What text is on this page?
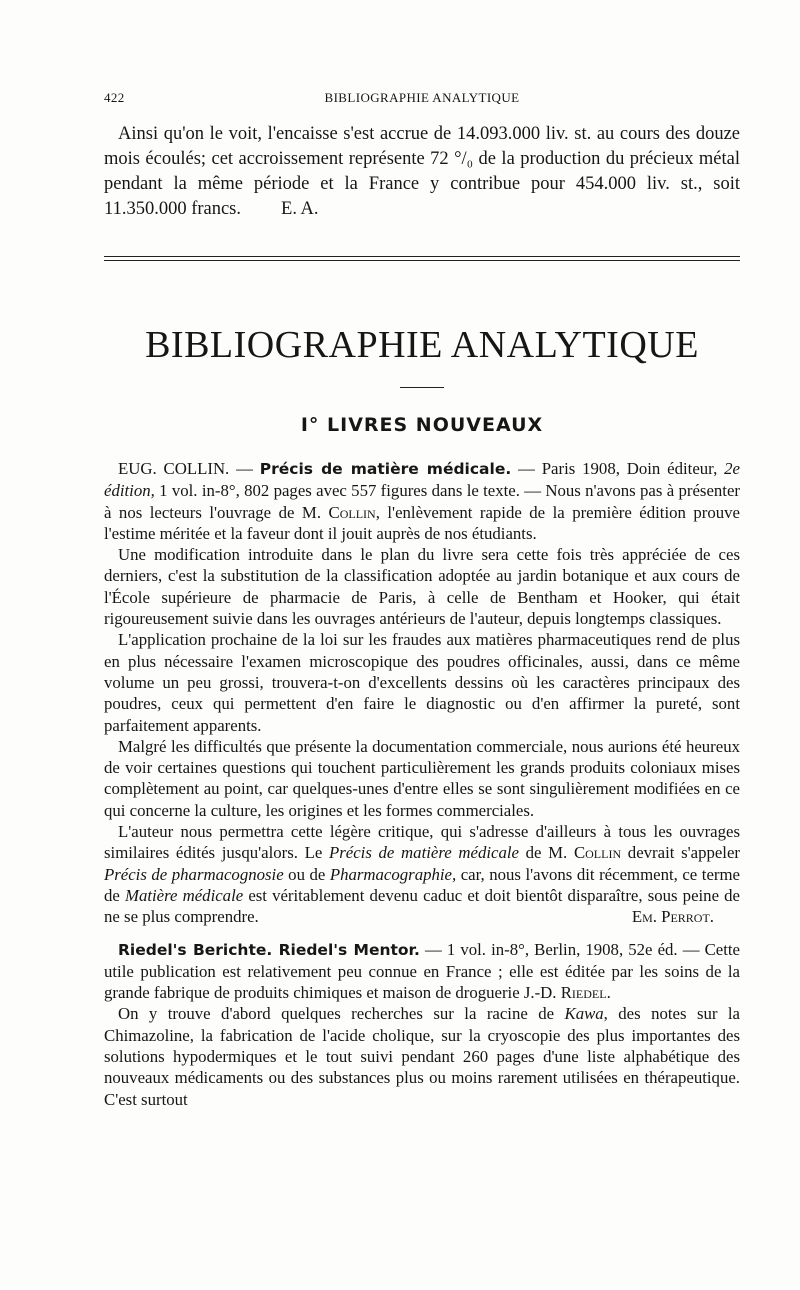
422	BIBLIOGRAPHIE ANALYTIQUE

Ainsi qu'on le voit, l'encaisse s'est accrue de 14.093.000 liv. st. au cours des douze mois écoulés; cet accroissement représente 72 °/₀ de la production du précieux métal pendant la même période et la France y contribue pour 454.000 liv. st., soit 11.350.000 francs. E. A.

BIBLIOGRAPHIE ANALYTIQUE
I° LIVRES NOUVEAUX

EUG. COLLIN. — Précis de matière médicale. — Paris 1908, Doin éditeur, 2e édition, 1 vol. in-8°, 802 pages avec 557 figures dans le texte. — Nous n'avons pas à présenter à nos lecteurs l'ouvrage de M. Collin, l'enlèvement rapide de la première édition prouve l'estime méritée et la faveur dont il jouit auprès de nos étudiants.

Une modification introduite dans le plan du livre sera cette fois très appréciée de ces derniers, c'est la substitution de la classification adoptée au jardin botanique et aux cours de l'École supérieure de pharmacie de Paris, à celle de Bentham et Hooker, qui était rigoureusement suivie dans les ouvrages antérieurs de l'auteur, depuis longtemps classiques.

L'application prochaine de la loi sur les fraudes aux matières pharmaceutiques rend de plus en plus nécessaire l'examen microscopique des poudres officinales, aussi, dans ce même volume un peu grossi, trouvera-t-on d'excellents dessins où les caractères principaux des poudres, ceux qui permettent d'en faire le diagnostic ou d'en affirmer la pureté, sont parfaitement apparents.

Malgré les difficultés que présente la documentation commerciale, nous aurions été heureux de voir certaines questions qui touchent particulièrement les grands produits coloniaux mises complètement au point, car quelques-unes d'entre elles se sont singulièrement modifiées en ce qui concerne la culture, les origines et les formes commerciales.

L'auteur nous permettra cette légère critique, qui s'adresse d'ailleurs à tous les ouvrages similaires édités jusqu'alors. Le Précis de matière médicale de M. Collin devrait s'appeler Précis de pharmacognosie ou de Pharmacographie, car, nous l'avons dit récemment, ce terme de Matière médicale est véritablement devenu caduc et doit bientôt disparaître, sous peine de ne se plus comprendre.	Em. Perrot.

Riedel's Berichte. Riedel's Mentor. — 1 vol. in-8°, Berlin, 1908, 52e éd. — Cette utile publication est relativement peu connue en France ; elle est éditée par les soins de la grande fabrique de produits chimiques et maison de droguerie J.-D. Riedel.

On y trouve d'abord quelques recherches sur la racine de Kawa, des notes sur la Chimazoline, la fabrication de l'acide cholique, sur la cryoscopie des plus importantes des solutions hypodermiques et le tout suivi pendant 260 pages d'une liste alphabétique des nouveaux médicaments ou des substances plus ou moins rarement utilisées en thérapeutique. C'est surtout
